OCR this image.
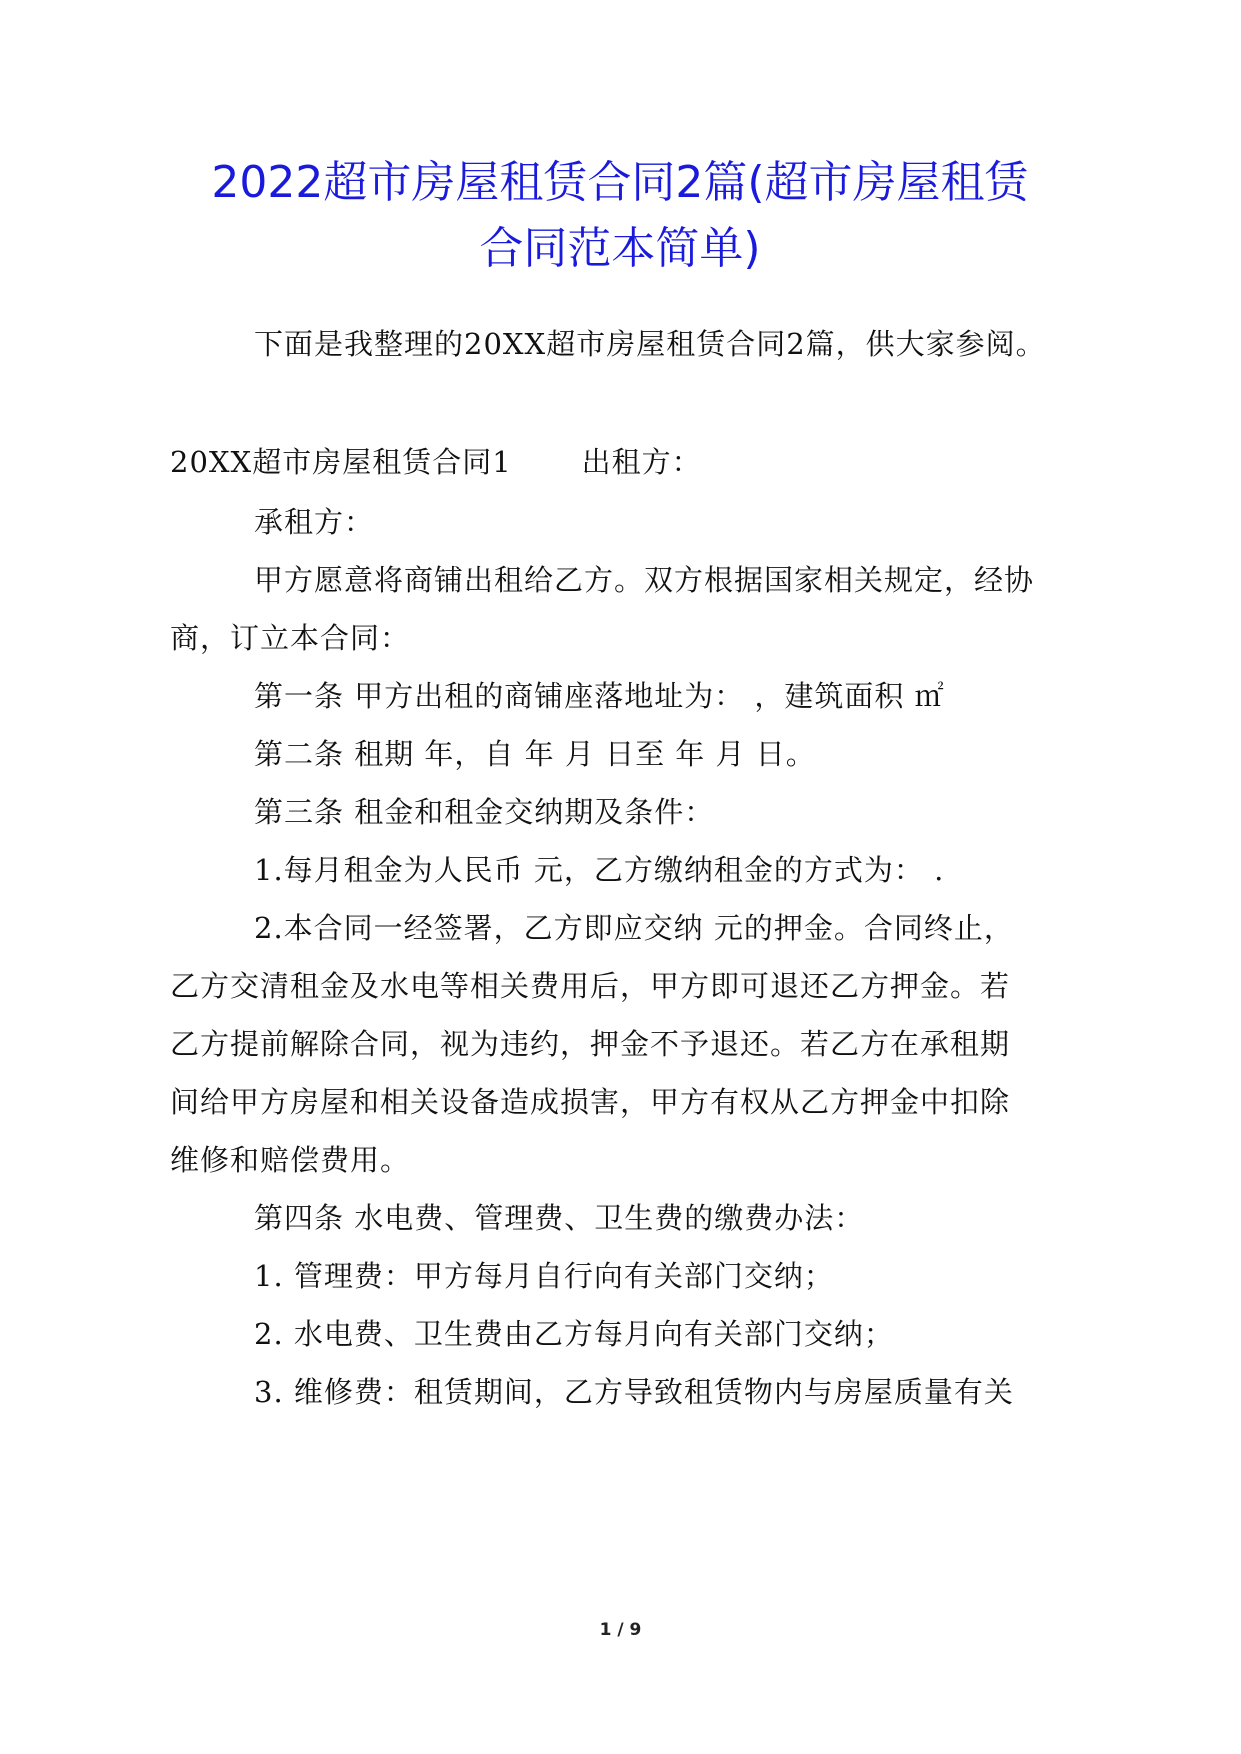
2022超市房屋租赁合同2篇(超市房屋租赁
合同范本简单)
下面是我整理的20XX超市房屋租赁合同2篇，供大家参阅。
20XX超市房屋租赁合同1 出租方：
承租方：
甲方愿意将商铺出租给乙方。双方根据国家相关规定，经协
商，订立本合同：
第一条 甲方出租的商铺座落地址为： ，建筑面积 ㎡
第二条 租期 年，自 年 月 日至 年 月 日。
第三条 租金和租金交纳期及条件：
1.每月租金为人民币 元，乙方缴纳租金的方式为： .
2.本合同一经签署，乙方即应交纳 元的押金。合同终止，
乙方交清租金及水电等相关费用后，甲方即可退还乙方押金。若
乙方提前解除合同，视为违约，押金不予退还。若乙方在承租期
间给甲方房屋和相关设备造成损害，甲方有权从乙方押金中扣除
维修和赔偿费用。
第四条 水电费、管理费、卫生费的缴费办法：
1. 管理费：甲方每月自行向有关部门交纳；
2. 水电费、卫生费由乙方每月向有关部门交纳；
3. 维修费：租赁期间，乙方导致租赁物内与房屋质量有关
1 / 9
